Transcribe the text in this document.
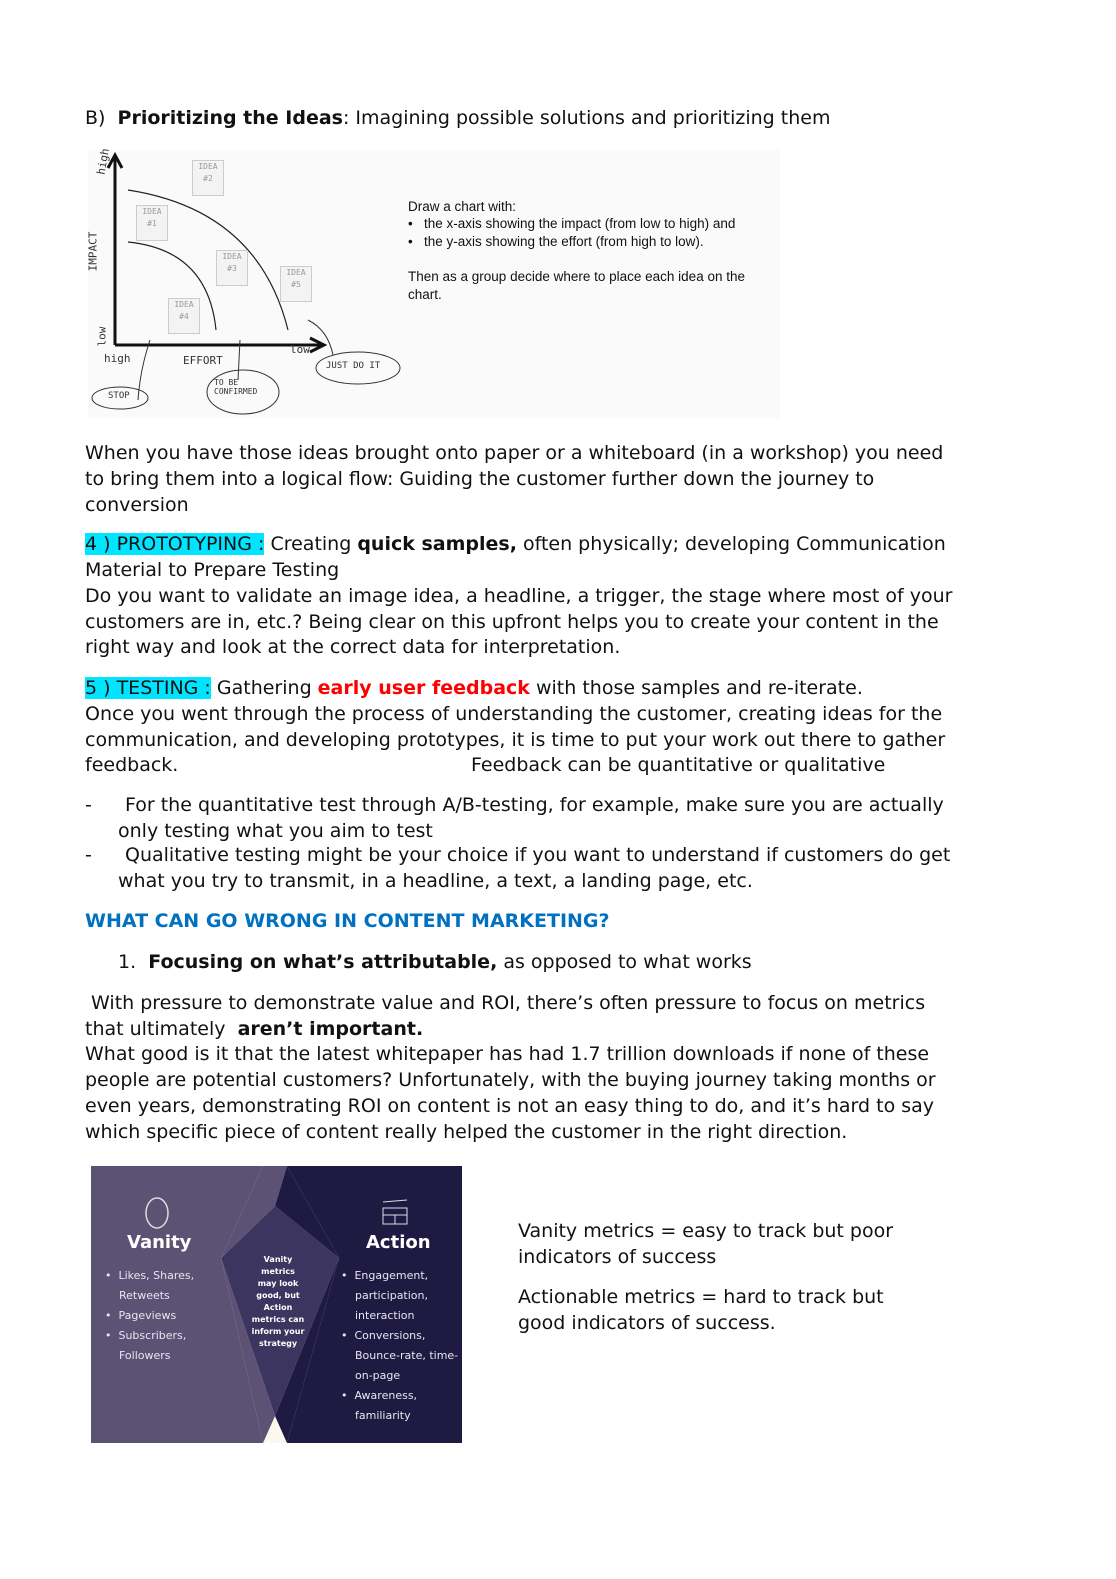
B)  Prioritizing the Ideas: Imagining possible solutions and prioritizing them
high
IMPACT
low
high	EFFORT
low
STOP
TO BE CONFIRMED
JUST DO IT
IDEA #1
IDEA #2
IDEA #3
IDEA #4
IDEA #5
Draw a chart with:
•   the x-axis showing the impact (from low to high) and
•   the y-axis showing the effort (from high to low).
Then as a group decide where to place each idea on the
chart.
When you have those ideas brought onto paper or a whiteboard (in a workshop) you need
to bring them into a logical flow: Guiding the customer further down the journey to
conversion
4 ) PROTOTYPING : Creating quick samples, often physically; developing Communication
Material to Prepare Testing
Do you want to validate an image idea, a headline, a trigger, the stage where most of your
customers are in, etc.? Being clear on this upfront helps you to create your content in the
right way and look at the correct data for interpretation.
5 ) TESTING : Gathering early user feedback with those samples and re-iterate.
Once you went through the process of understanding the customer, creating ideas for the
communication, and developing prototypes, it is time to put your work out there to gather
feedback.	Feedback can be quantitative or qualitative
- For the quantitative test through A/B-testing, for example, make sure you are actually
only testing what you aim to test
- Qualitative testing might be your choice if you want to understand if customers do get
what you try to transmit, in a headline, a text, a landing page, etc.
WHAT CAN GO WRONG IN CONTENT MARKETING?
1. Focusing on what’s attributable, as opposed to what works
With pressure to demonstrate value and ROI, there’s often pressure to focus on metrics
that ultimately  aren’t important.
What good is it that the latest whitepaper has had 1.7 trillion downloads if none of these
people are potential customers? Unfortunately, with the buying journey taking months or
even years, demonstrating ROI on content is not an easy thing to do, and it’s hard to say
which specific piece of content really helped the customer in the right direction.
Vanity
•  Likes, Shares,
Retweets
•  Pageviews
•  Subscribers,
Followers
Vanity
metrics
may look
good, but
Action
metrics can
inform your
strategy
Action
•  Engagement,
participation,
interaction
•  Conversions,
Bounce-rate, time-
on-page
•  Awareness,
familiarity
Vanity metrics = easy to track but poor
indicators of success
Actionable metrics = hard to track but
good indicators of success.
